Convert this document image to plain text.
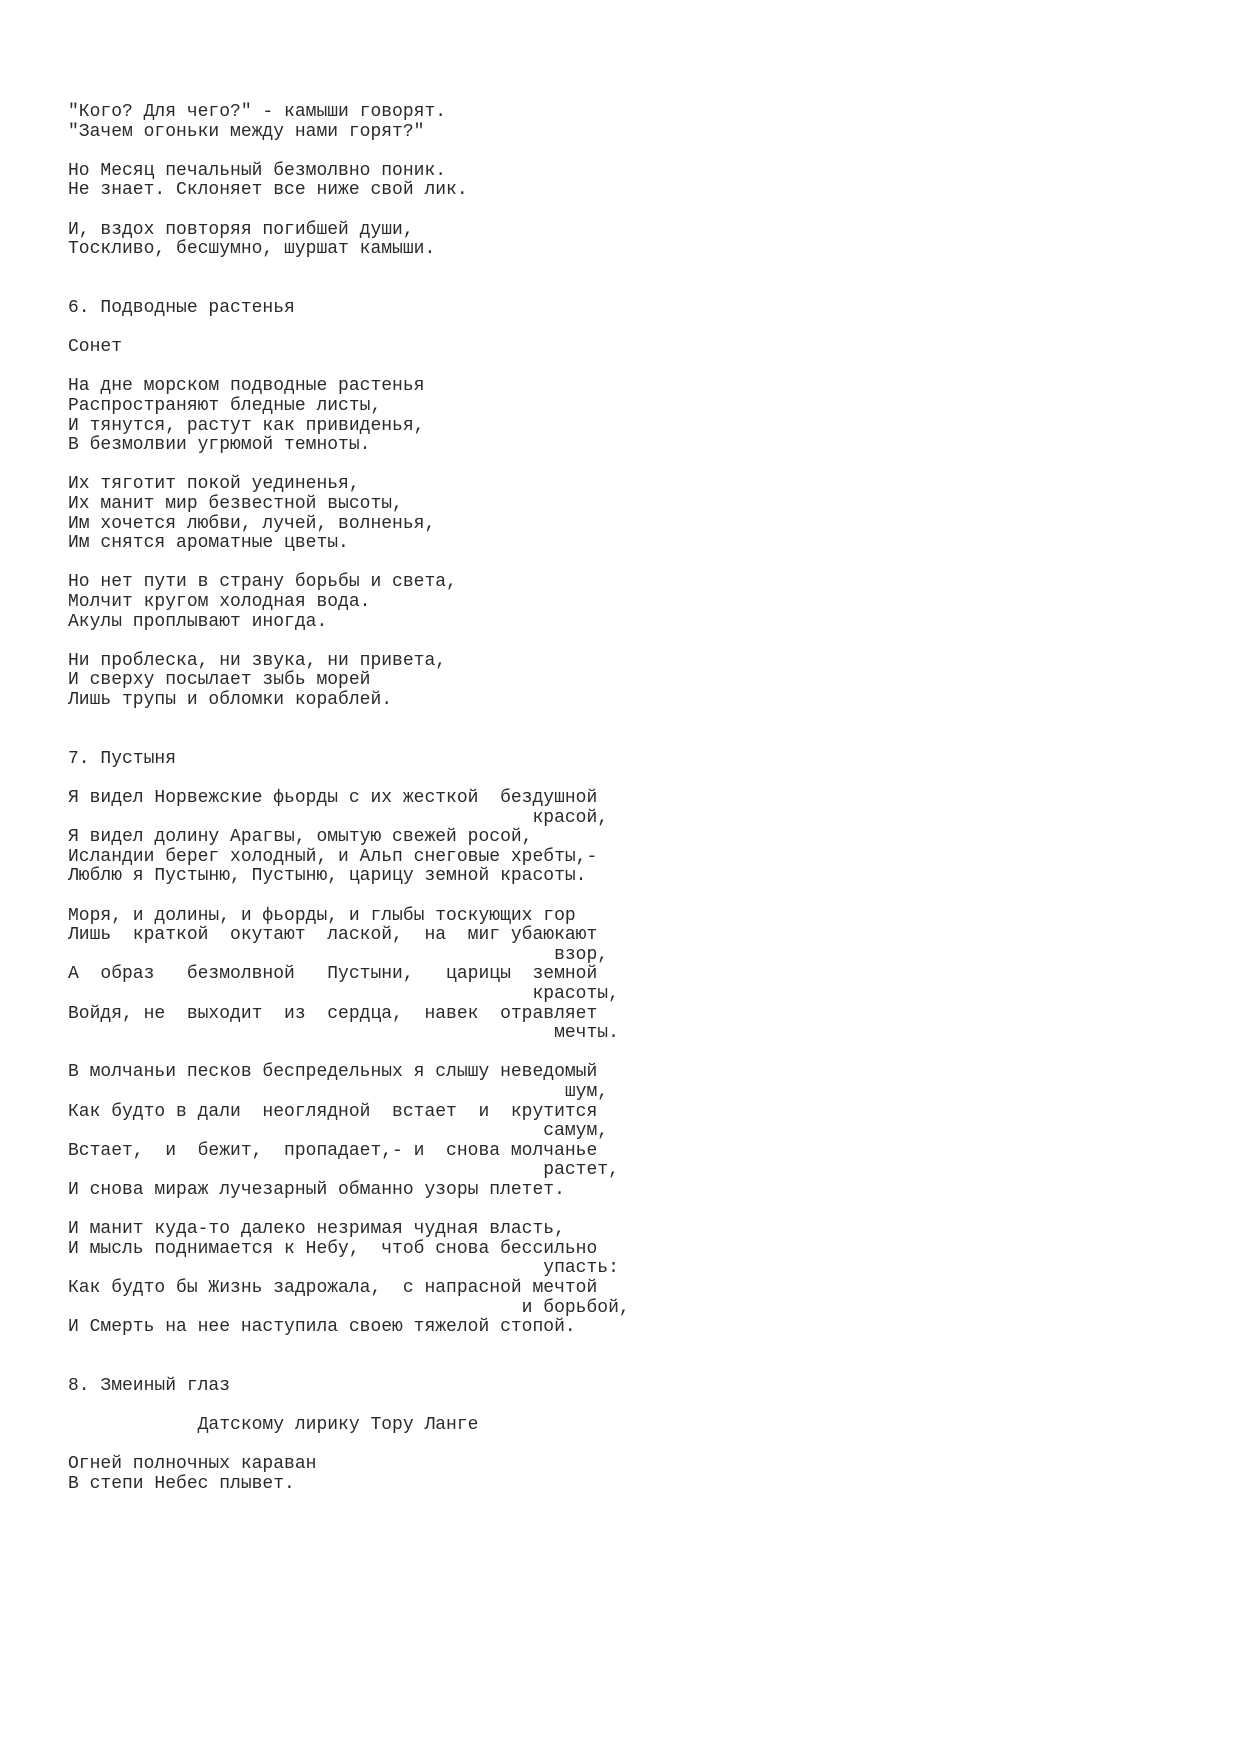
"Кого? Для чего?" - камыши говорят.
"Зачем огоньки между нами горят?"
Но Месяц печальный безмолвно поник.
Не знает. Склоняет все ниже свой лик.
И, вздох повторяя погибшей души,
Тоскливо, бесшумно, шуршат камыши.
6. Подводные растенья
Сонет
На дне морском подводные растенья
Распространяют бледные листы,
И тянутся, растут как привиденья,
В безмолвии угрюмой темноты.
Их тяготит покой уединенья,
Их манит мир безвестной высоты,
Им хочется любви, лучей, волненья,
Им снятся ароматные цветы.
Но нет пути в страну борьбы и света,
Молчит кругом холодная вода.
Акулы проплывают иногда.
Ни проблеска, ни звука, ни привета,
И сверху посылает зыбь морей
Лишь трупы и обломки кораблей.
7. Пустыня
Я видел Норвежские фьорды с их жесткой  бездушной
красой,
Я видел долину Арагвы, омытую свежей росой,
Исландии берег холодный, и Альп снеговые хребты,-
Люблю я Пустыню, Пустыню, царицу земной красоты.
Моря, и долины, и фьорды, и глыбы тоскующих гор
Лишь  краткой  окутают  лаской,  на  миг убаюкают
взор,
А  образ   безмолвной   Пустыни,   царицы  земной
красоты,
Войдя, не  выходит  из  сердца,  навек  отравляет
мечты.
В молчаньи песков беспредельных я слышу неведомый
шум,
Как будто в дали  неоглядной  встает  и  крутится
самум,
Встает,  и  бежит,  пропадает,- и  снова молчанье
растет,
И снова мираж лучезарный обманно узоры плетет.
И манит куда-то далеко незримая чудная власть,
И мысль поднимается к Небу,  чтоб снова бессильно
упасть:
Как будто бы Жизнь задрожала,  с напрасной мечтой
и борьбой,
И Смерть на нее наступила своею тяжелой стопой.
8. Змеиный глаз
Датскому лирику Тору Ланге
Огней полночных караван
В степи Небес плывет.
